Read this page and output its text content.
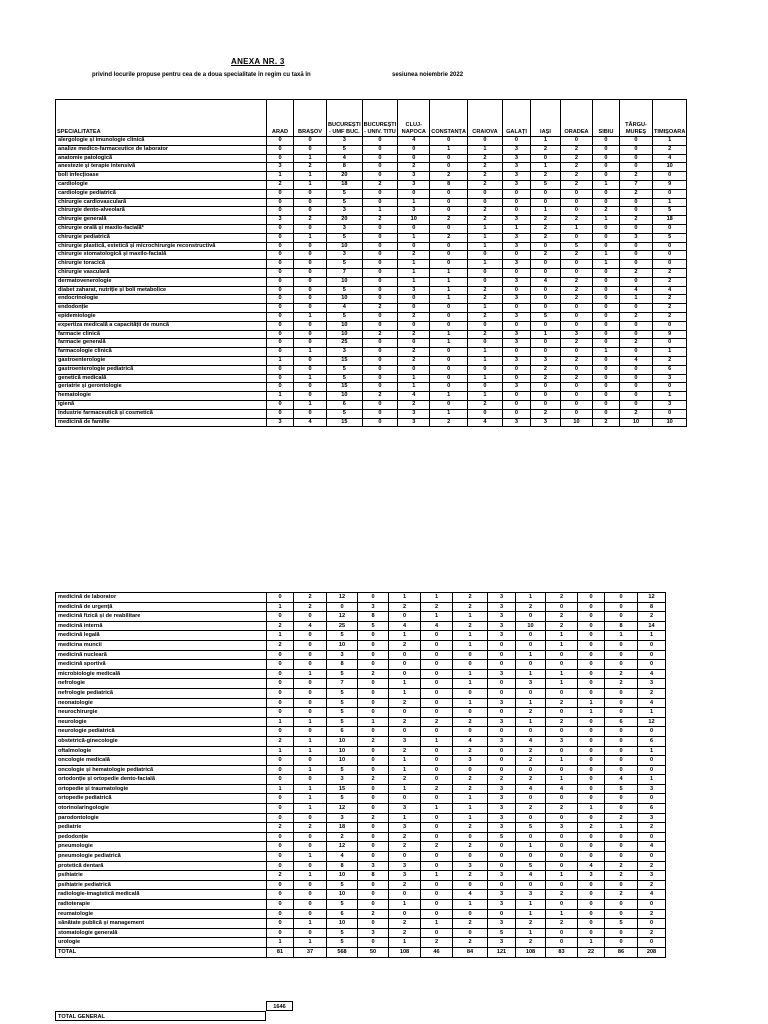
ANEXA NR. 3
privind locurile propuse pentru cea de a doua specialitate în regim cu taxă în	sesiunea noiembrie 2022
SPECIALITATEA	ARAD	BRAȘOV	BUCUREȘTI - UMF BUC.	BUCUREȘTI - UNIV. TITU	CLUJ-NAPOCA	CONSTANȚA	CRAIOVA	GALAȚI	IAȘI	ORADEA	SIBIU	TÂRGU-MUREȘ	TIMIȘOARA
alergologie și imunologie clinică	0	0	3	0	4	0	0	0	1	0	0	0	1
analize medico-farmaceutice de laborator	0	0	5	0	0	1	1	3	2	2	0	0	2
anatomie patologică	0	1	4	0	0	0	2	3	0	2	0	0	4
anestezie și terapie intensivă	3	2	8	0	2	0	2	3	1	2	0	0	10
boli infecțioase	1	1	20	0	3	2	2	3	2	2	0	2	0
cardiologie	2	1	18	2	3	8	2	3	5	2	1	7	9
cardiologie pediatrică	0	0	5	0	0	0	0	0	0	0	0	2	0
chirurgie cardiovasculară	0	0	5	0	1	0	0	0	0	0	0	0	1
chirurgie dento-alveolară	0	0	3	1	3	0	2	0	1	0	2	0	5
chirurgie generală	3	2	20	2	10	2	2	3	2	2	1	2	18
chirurgie orală și maxilo-facială*	0	0	3	0	0	0	1	1	2	1	0	0	0
chirurgie pediatrică	0	1	5	0	1	2	1	3	2	0	0	3	5
chirurgie plastică, estetică și microchirurgie reconstructivă	0	0	10	0	0	0	1	3	0	5	0	0	0
chirurgie stomatologică și maxilo-facială	0	0	3	0	2	0	0	0	2	2	1	0	0
chirurgie toracică	0	0	5	0	1	0	1	3	0	0	1	0	0
chirurgie vasculară	0	0	7	0	1	1	0	0	0	0	0	2	2
dermatovenerologie	0	0	10	0	1	1	0	3	4	2	0	0	2
diabet zaharat, nutriție și boli metabolice	0	0	5	0	3	1	2	0	0	2	0	4	4
endocrinologie	0	0	10	0	0	1	2	3	0	2	0	1	2
endodonție	0	0	4	2	0	0	1	0	0	0	0	0	2
epidemiologie	0	1	5	0	2	0	2	3	5	0	0	2	2
expertiza medicală a capacității de muncă	0	0	10	0	0	0	0	0	0	0	0	0	0
farmacie clinică	0	0	10	2	2	1	2	3	1	3	0	0	9
farmacie generală	0	0	25	0	0	1	0	3	0	2	0	2	0
farmacologie clinică	0	1	3	0	2	0	1	0	0	0	1	0	1
gastroenterologie	1	0	15	0	2	0	1	3	3	2	0	4	2
gastroenterologie pediatrică	0	0	5	0	0	0	0	0	2	0	0	0	6
genetică medicală	0	1	5	0	1	0	1	0	2	2	0	0	3
geriatrie și gerontologie	0	0	15	0	1	0	0	3	0	0	0	0	0
hematologie	1	0	10	2	4	1	1	0	0	0	0	0	1
igienă	0	1	6	0	2	0	2	0	0	0	0	0	3
industrie farmaceutică și cosmetică	0	0	5	0	3	1	0	0	2	0	0	2	0
medicină de familie	3	4	15	0	3	2	4	3	3	10	2	10	10
medicină de laborator	0	2	12	0	1	1	2	3	1	2	0	0	12
medicină de urgență	1	2	0	3	2	2	2	3	2	0	0	0	8
medicină fizică și de reabilitare	0	0	12	8	0	1	1	3	0	2	0	0	2
medicină internă	2	4	25	5	4	4	2	3	10	2	0	8	14
medicină legală	1	0	5	0	1	0	1	3	0	1	0	1	1
medicina muncii	2	0	10	0	2	0	1	0	0	1	0	0	0
medicină nucleară	0	0	3	0	0	0	0	0	1	0	0	0	0
medicină sportivă	0	0	8	0	0	0	0	0	0	0	0	0	0
microbiologie medicală	0	1	5	2	0	0	1	3	1	1	0	2	4
nefrologie	0	0	7	0	1	0	1	0	3	1	0	2	3
nefrologie pediatrică	0	0	5	0	1	0	0	0	0	0	0	0	2
neonatologie	0	0	5	0	2	0	1	3	1	2	1	0	4
neurochirurgie	0	0	5	0	0	0	0	0	2	0	1	0	1
neurologie	1	1	5	1	2	2	2	3	1	2	0	6	12
neurologie pediatrică	0	0	6	0	0	0	0	0	0	0	0	0	0
obstetrică-ginecologie	2	1	10	2	3	1	4	3	4	3	0	0	6
oftalmologie	1	1	10	0	2	0	2	0	2	0	0	0	1
oncologie medicală	0	0	10	0	1	0	3	0	2	1	0	0	0
oncologie și hematologie pediatrică	0	1	5	0	1	0	0	0	0	0	0	0	0
ortodonție și ortopedie dento-facială	0	0	3	2	2	0	2	2	2	1	0	4	1
ortopedie și traumatologie	1	1	15	0	1	2	2	3	4	4	0	5	3
ortopedie pediatrică	0	1	5	0	0	0	1	3	0	0	0	0	0
otorinolaringologie	0	1	12	0	3	1	1	3	2	2	1	0	6
parodontologie	0	0	3	2	1	0	1	3	0	0	0	2	3
pediatrie	2	2	18	0	3	0	2	3	5	3	2	1	2
pedodonție	0	0	2	0	2	0	0	5	0	0	0	0	0
pneumologie	0	0	12	0	2	2	2	0	1	0	0	0	4
pneumologie pediatrică	0	1	4	0	0	0	0	0	0	0	0	0	0
protetică dentară	0	0	8	3	3	0	3	0	5	0	4	2	2
psihiatrie	2	1	10	8	3	1	2	3	4	1	3	2	3
psihiatrie pediatrică	0	0	5	0	2	0	0	0	0	0	0	0	2
radiologie-imagistică medicală	0	0	10	0	0	0	4	3	3	2	0	2	4
radioterapie	0	0	5	0	1	0	1	3	1	0	0	0	0
reumatologie	0	0	6	2	0	0	0	0	1	1	0	0	2
sănătate publică și management	0	1	10	0	2	1	2	3	2	2	0	5	0
stomatologie generală	0	0	5	3	2	0	0	5	1	0	0	0	2
urologie	1	1	5	0	1	2	2	3	2	0	1	0	0
TOTAL	81	37	568	50	108	46	84	121	108	83	22	86	208
1646
TOTAL GENERAL
